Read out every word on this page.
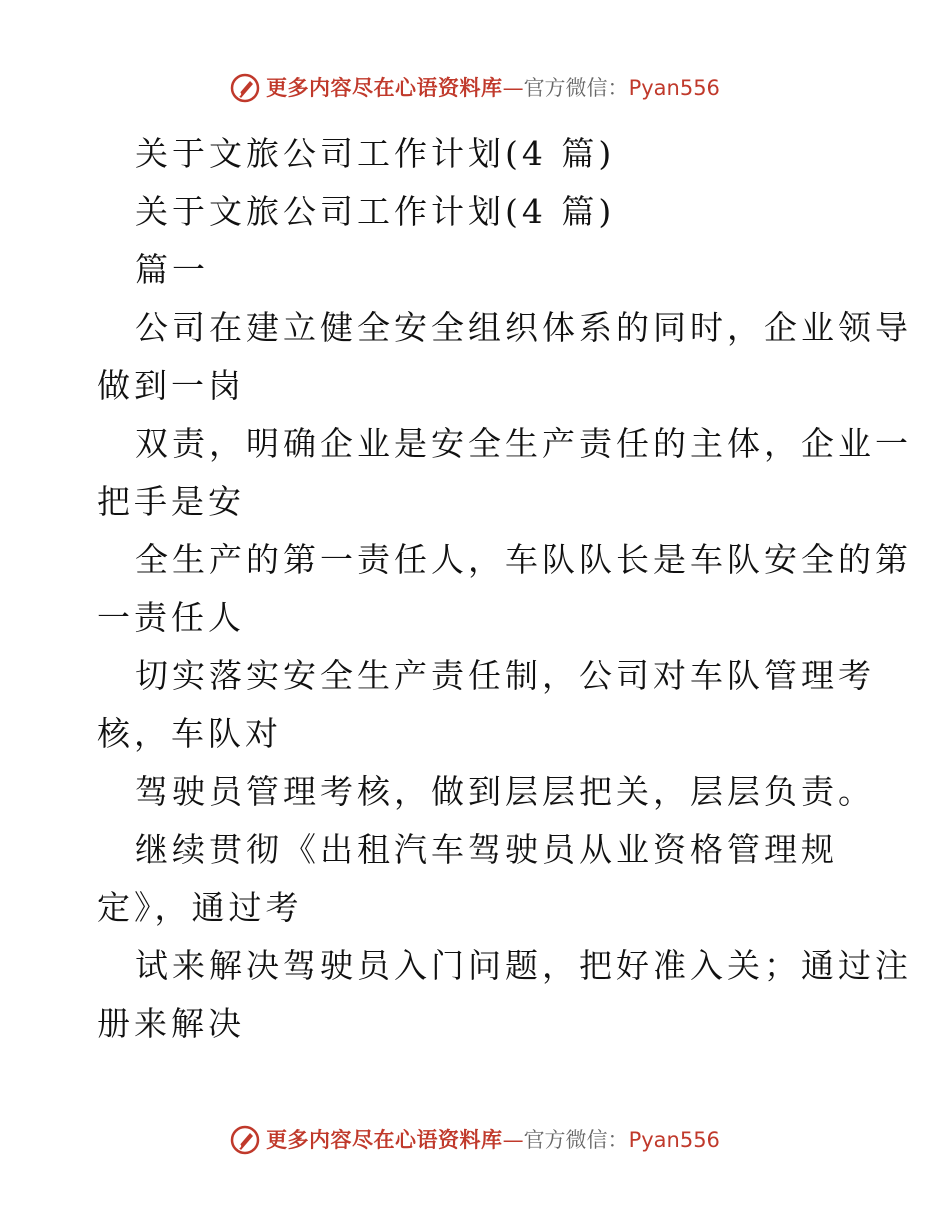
更多内容尽在心语资料库 — 官方微信： Pyan556
关于文旅公司工作计划(4 篇)
关于文旅公司工作计划(4 篇)
篇一
公司在建立健全安全组织体系的同时，企业领导
做到一岗
双责，明确企业是安全生产责任的主体，企业一
把手是安
全生产的第一责任人，车队队长是车队安全的第
一责任人
切实落实安全生产责任制，公司对车队管理考
核，车队对
驾驶员管理考核，做到层层把关，层层负责。
继续贯彻《出租汽车驾驶员从业资格管理规
定》，通过考
试来解决驾驶员入门问题，把好准入关；通过注
册来解决
更多内容尽在心语资料库 — 官方微信： Pyan556
